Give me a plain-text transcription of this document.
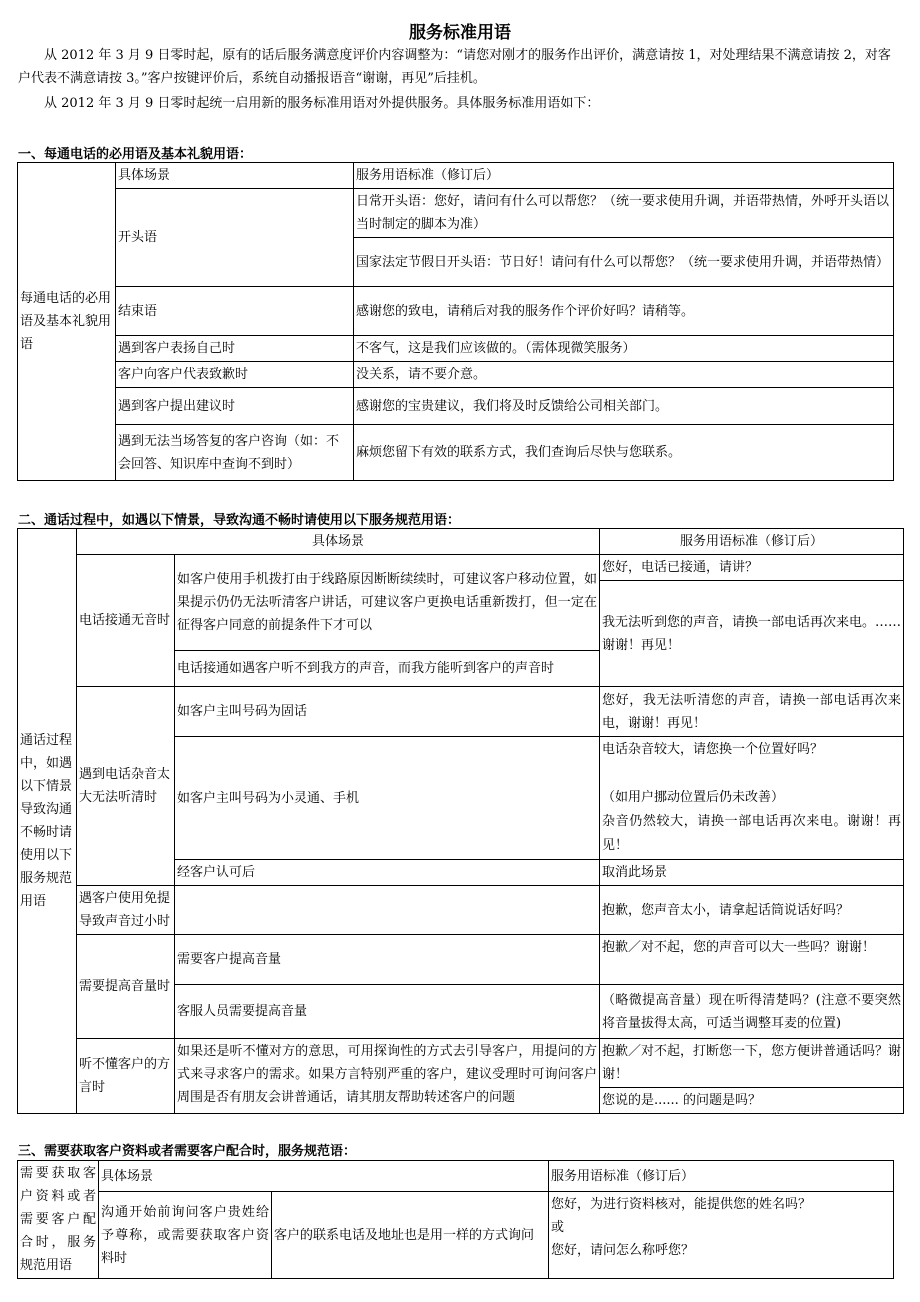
服务标准用语

从 2012 年 3 月 9 日零时起，原有的话后服务满意度评价内容调整为：“请您对刚才的服务作出评价，满意请按 1，对处理结果不满意请按 2，对客户代表不满意请按 3。”客户按键评价后，系统自动播报语音“谢谢，再见”后挂机。

从 2012 年 3 月 9 日零时起统一启用新的服务标准用语对外提供服务。具体服务标准用语如下：

一、每通电话的必用语及基本礼貌用语：
每通电话的必用语及基本礼貌用语	具体场景	服务用语标准（修订后）
	开头语	日常开头语：您好，请问有什么可以帮您？（统一要求使用升调，并语带热情，外呼开头语以当时制定的脚本为准）
		国家法定节假日开头语：节日好！请问有什么可以帮您？（统一要求使用升调，并语带热情）
	结束语	感谢您的致电，请稍后对我的服务作个评价好吗？请稍等。
	遇到客户表扬自己时	不客气，这是我们应该做的。（需体现微笑服务）
	客户向客户代表致歉时	没关系，请不要介意。
	遇到客户提出建议时	感谢您的宝贵建议，我们将及时反馈给公司相关部门。
	遇到无法当场答复的客户咨询（如：不会回答、知识库中查询不到时）	麻烦您留下有效的联系方式，我们查询后尽快与您联系。
二、通话过程中，如遇以下情景，导致沟通不畅时请使用以下服务规范用语：
通话过程中，如遇以下情景导致沟通不畅时请使用以下服务规范用语	具体场景		服务用语标准（修订后）
	电话接通无音时	如客户使用手机拨打由于线路原因断断续续时，可建议客户移动位置，如果提示仍仍无法听清客户讲话，可建议客户更换电话重新拨打，但一定在征得客户同意的前提条件下才可以	您好，电话已接通，请讲？
			我无法听到您的声音，请换一部电话再次来电。……谢谢！再见！
		电话接通如遇客户听不到我方的声音，而我方能听到客户的声音时	
	遇到电话杂音太大无法听清时	如客户主叫号码为固话	您好，我无法听清您的声音，请换一部电话再次来电，谢谢！再见！
		如客户主叫号码为小灵通、手机	电话杂音较大，请您换一个位置好吗？
（如用户挪动位置后仍未改善）
杂音仍然较大，请换一部电话再次来电。谢谢！再见！

		经客户认可后	取消此场景
	遇客户使用免提导致声音过小时		抱歉，您声音太小，请拿起话筒说话好吗？
	需要提高音量时	需要客户提高音量	抱歉／对不起，您的声音可以大一些吗？谢谢！
		客服人员需要提高音量	（略微提高音量）现在听得清楚吗？(注意不要突然将音量拔得太高，可适当调整耳麦的位置)
	听不懂客户的方言时	如果还是听不懂对方的意思，可用探询性的方式去引导客户，用提问的方式来寻求客户的需求。如果方言特别严重的客户，建议受理时可询问客户周围是否有朋友会讲普通话，请其朋友帮助转述客户的问题	抱歉／对不起，打断您一下，您方便讲普通话吗？谢谢！
			您说的是...... 的问题是吗？
三、需要获取客户资料或者需要客户配合时，服务规范语：
需要获取客户资料或者需要客户配合时，服务规范用语	具体场景		服务用语标准（修订后）
	沟通开始前询问客户贵姓给予尊称，或需要获取客户资料时	客户的联系电话及地址也是用一样的方式询问	您好，为进行资料核对，能提供您的姓名吗？
或
您好，请问怎么称呼您？
